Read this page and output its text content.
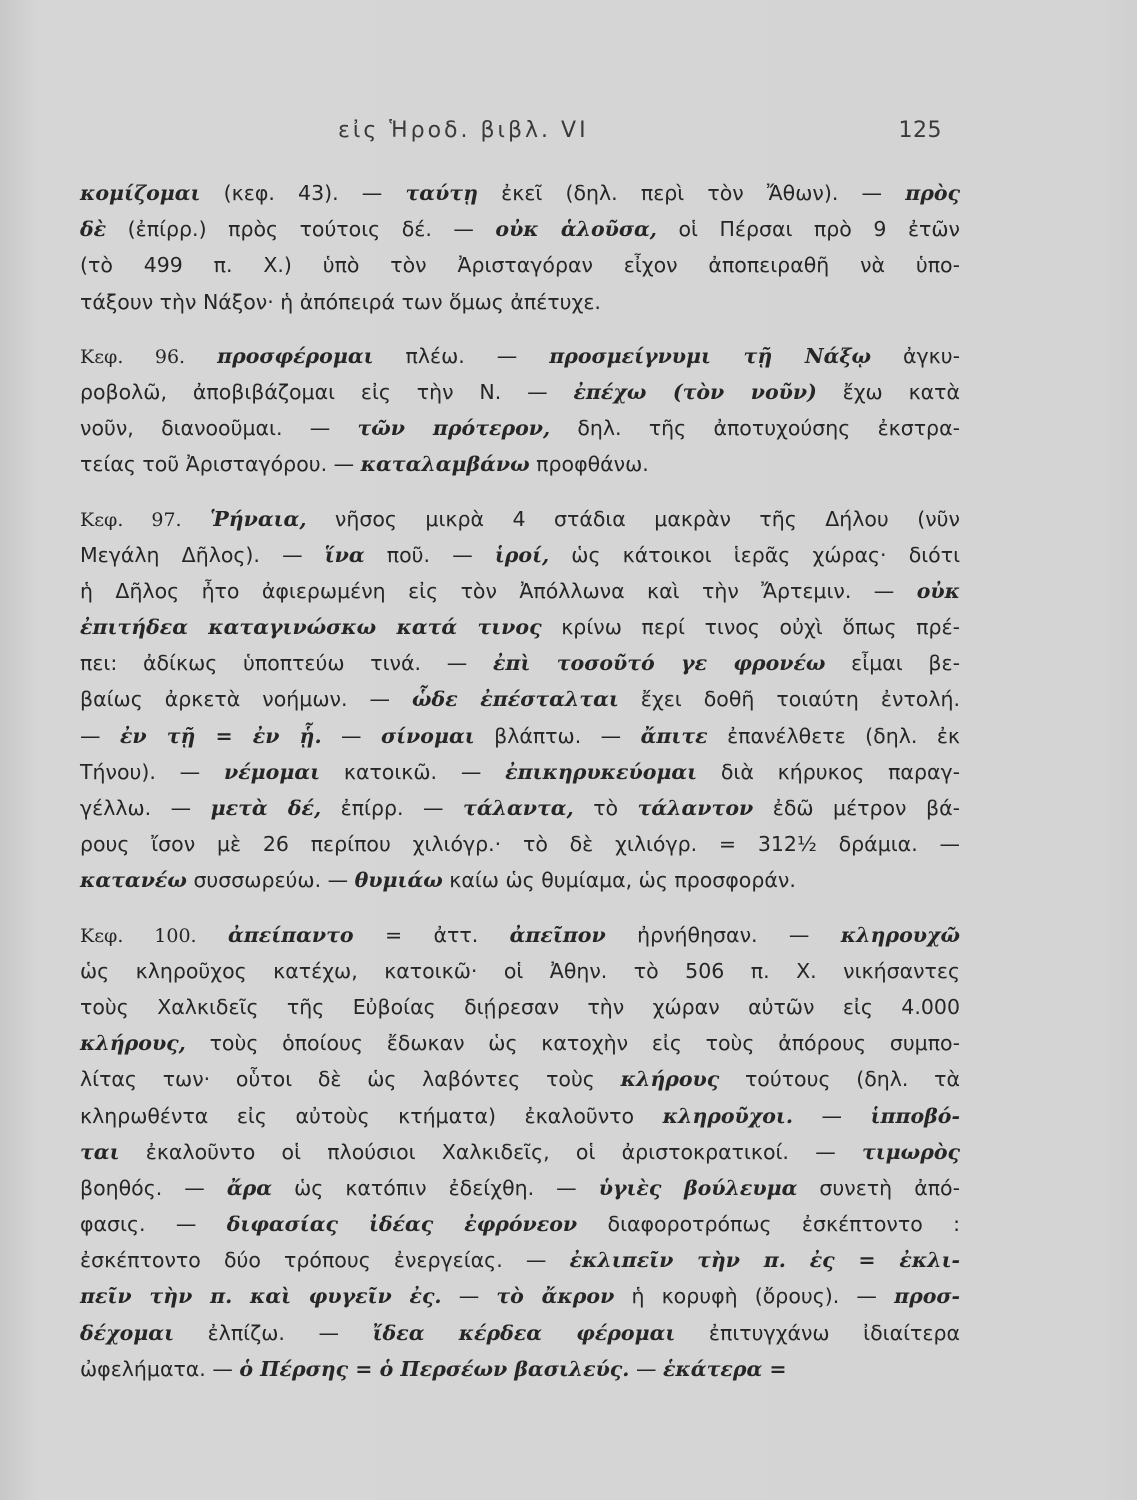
εἰς Ἡροδ. βιβλ. VI	125
κομίζομαι (κεφ. 43). — ταύτῃ ἐκεῖ (δηλ. περὶ τὸν Ἄθων). — πρὸς
δὲ (ἐπίρρ.) πρὸς τούτοις δέ. — οὐκ ἁλοῦσα, οἱ Πέρσαι πρὸ 9 ἐτῶν
(τὸ 499 π. Χ.) ὑπὸ τὸν Ἀρισταγόραν εἶχον ἀποπειραθῆ νὰ ὑπο-
τάξουν τὴν Νάξον· ἡ ἀπόπειρά των ὅμως ἀπέτυχε.
Κεφ. 96. προσφέρομαι πλέω. — προσμείγνυμι τῇ Νάξῳ ἀγκυ-
ροβολῶ, ἀποβιβάζομαι εἰς τὴν Ν. — ἐπέχω (τὸν νοῦν) ἔχω κατὰ
νοῦν, διανοοῦμαι. — τῶν πρότερον, δηλ. τῆς ἀποτυχούσης ἐκστρα-
τείας τοῦ Ἀρισταγόρου. — καταλαμβάνω προφθάνω.
Κεφ. 97. Ῥήναια, νῆσος μικρὰ 4 στάδια μακρὰν τῆς Δήλου (νῦν
Μεγάλη Δῆλος). — ἵνα ποῦ. — ἱροί, ὡς κάτοικοι ἱερᾶς χώρας· διότι
ἡ Δῆλος ἦτο ἀφιερωμένη εἰς τὸν Ἀπόλλωνα καὶ τὴν Ἄρτεμιν. — οὐκ
ἐπιτήδεα καταγινώσκω κατά τινος κρίνω περί τινος οὐχὶ ὅπως πρέ-
πει: ἀδίκως ὑποπτεύω τινά. — ἐπὶ τοσοῦτό γε φρονέω εἶμαι βε-
βαίως ἀρκετὰ νοήμων. — ὧδε ἐπέσταλται ἔχει δοθῆ τοιαύτη ἐντολή.
— ἐν τῇ = ἐν ᾗ. — σίνομαι βλάπτω. — ἄπιτε ἐπανέλθετε (δηλ. ἐκ
Τήνου). — νέμομαι κατοικῶ. — ἐπικηρυκεύομαι διὰ κήρυκος παραγ-
γέλλω. — μετὰ δέ, ἐπίρρ. — τάλαντα, τὸ τάλαντον ἐδῶ μέτρον βά-
ρους ἴσον μὲ 26 περίπου χιλιόγρ.· τὸ δὲ χιλιόγρ. = 312½ δράμια. —
κατανέω συσσωρεύω. — θυμιάω καίω ὡς θυμίαμα, ὡς προσφοράν.
Κεφ. 100. ἀπείπαντο = ἀττ. ἀπεῖπον ἠρνήθησαν. — κληρουχῶ
ὡς κληροῦχος κατέχω, κατοικῶ· οἱ Ἀθην. τὸ 506 π. Χ. νικήσαντες
τοὺς Χαλκιδεῖς τῆς Εὐβοίας διῄρεσαν τὴν χώραν αὐτῶν εἰς 4.000
κλήρους, τοὺς ὁποίους ἔδωκαν ὡς κατοχὴν εἰς τοὺς ἀπόρους συμπο-
λίτας των· οὗτοι δὲ ὡς λαβόντες τοὺς κλήρους τούτους (δηλ. τὰ
κληρωθέντα εἰς αὐτοὺς κτήματα) ἐκαλοῦντο κληροῦχοι. — ἱπποβό-
ται ἐκαλοῦντο οἱ πλούσιοι Χαλκιδεῖς, οἱ ἀριστοκρατικοί. — τιμωρὸς
βοηθός. — ἄρα ὡς κατόπιν ἐδείχθη. — ὑγιὲς βούλευμα συνετὴ ἀπό-
φασις. — διφασίας ἰδέας ἐφρόνεον διαφοροτρόπως ἐσκέπτοντο :
ἐσκέπτοντο δύο τρόπους ἐνεργείας. — ἐκλιπεῖν τὴν π. ἐς = ἐκλι-
πεῖν τὴν π. καὶ φυγεῖν ἐς. — τὸ ἄκρον ἡ κορυφὴ (ὄρους). — προσ-
δέχομαι ἐλπίζω. — ἴδεα κέρδεα φέρομαι ἐπιτυγχάνω ἰδιαίτερα
ὠφελήματα. — ὁ Πέρσης = ὁ Περσέων βασιλεύς. — ἑκάτερα =
